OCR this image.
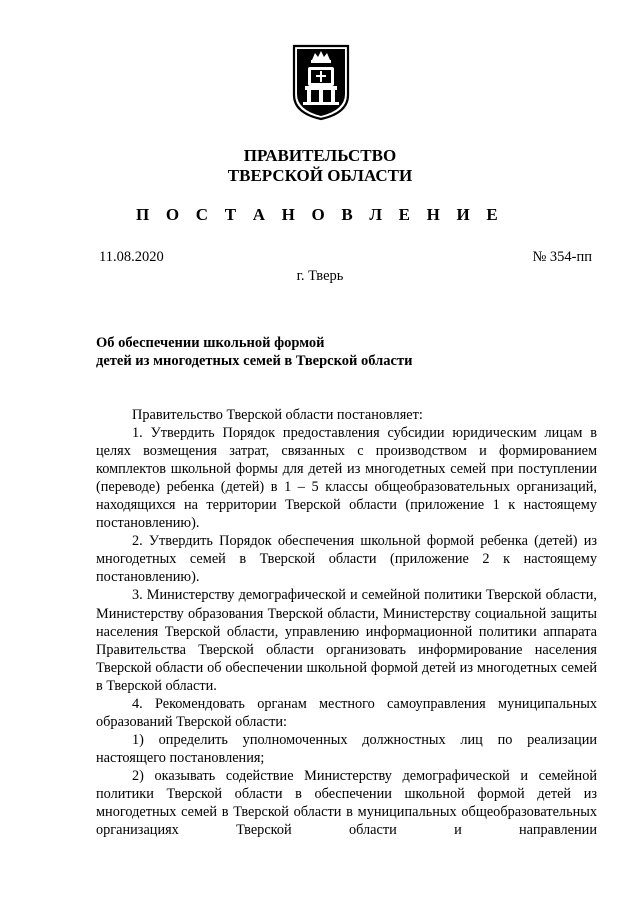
ПРАВИТЕЛЬСТВО
ТВЕРСКОЙ ОБЛАСТИ
П О С Т А Н О В Л Е Н И Е
11.08.2020	№ 354-пп
г. Тверь
Об обеспечении школьной формой
детей из многодетных семей в Тверской области

Правительство Тверской области постановляет:

1. Утвердить Порядок предоставления субсидии юридическим лицам в целях возмещения затрат, связанных с производством и формированием комплектов школьной формы для детей из многодетных семей при поступлении (переводе) ребенка (детей) в 1 – 5 классы общеобразовательных организаций, находящихся на территории Тверской области (приложение 1 к настоящему постановлению).

2. Утвердить Порядок обеспечения школьной формой ребенка (детей) из многодетных семей в Тверской области (приложение 2 к настоящему постановлению).

3. Министерству демографической и семейной политики Тверской области, Министерству образования Тверской области, Министерству социальной защиты населения Тверской области, управлению информационной политики аппарата Правительства Тверской области организовать информирование населения Тверской области об обеспечении школьной формой детей из многодетных семей в Тверской области.

4. Рекомендовать органам местного самоуправления муниципальных образований Тверской области:

1) определить уполномоченных должностных лиц по реализации настоящего постановления;

2) оказывать содействие Министерству демографической и семейной политики Тверской области в обеспечении школьной формой детей из многодетных семей в Тверской области в муниципальных общеобразовательных организациях Тверской области и направлении
